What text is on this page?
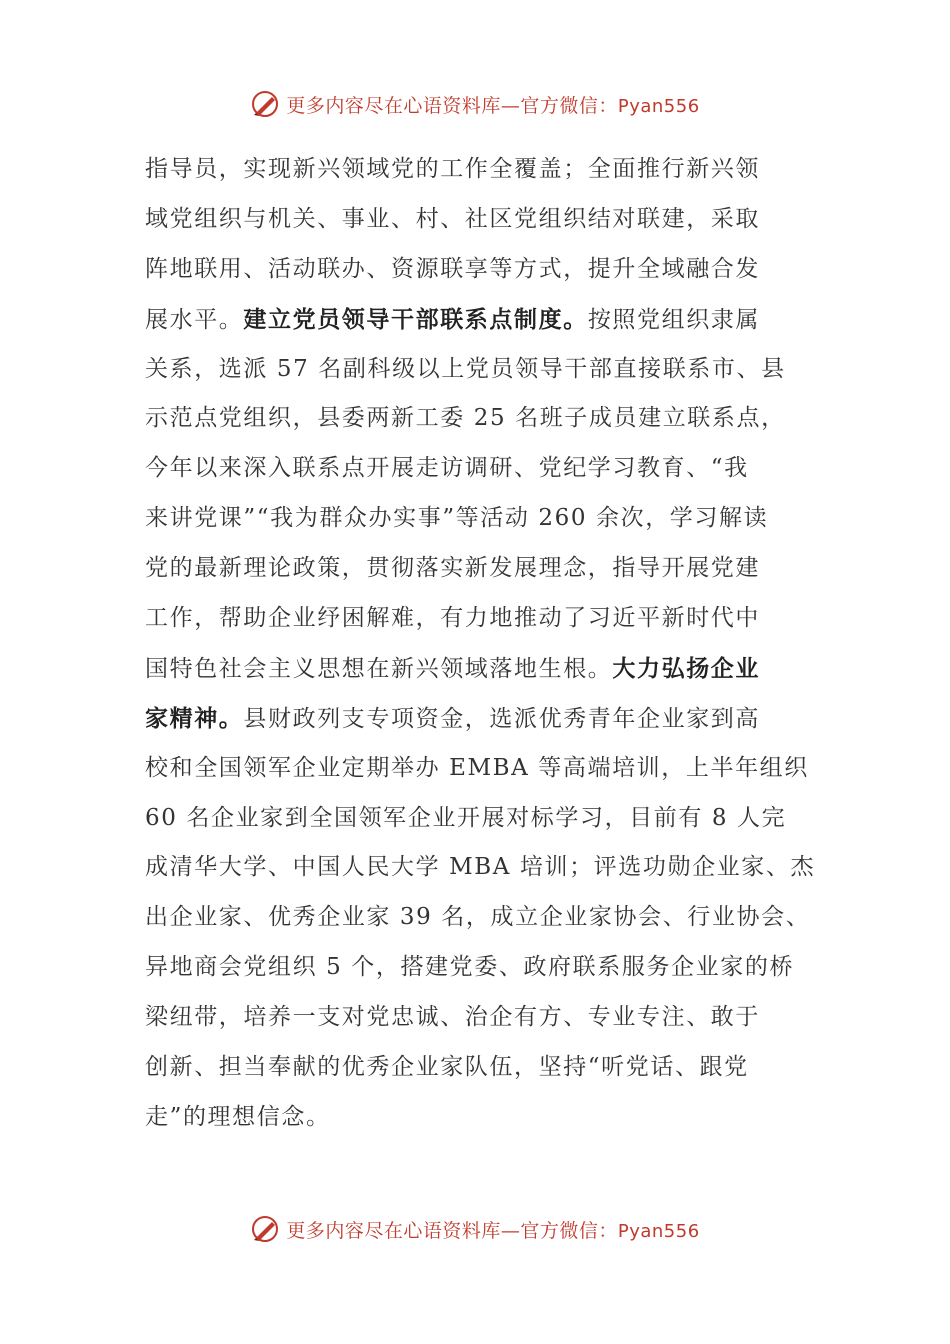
更多内容尽在心语资料库—官方微信：Pyan556
指导员，实现新兴领域党的工作全覆盖；全面推行新兴领
域党组织与机关、事业、村、社区党组织结对联建，采取
阵地联用、活动联办、资源联享等方式，提升全域融合发
展水平。建立党员领导干部联系点制度。按照党组织隶属
关系，选派 57 名副科级以上党员领导干部直接联系市、县
示范点党组织，县委两新工委 25 名班子成员建立联系点，
今年以来深入联系点开展走访调研、党纪学习教育、“我
来讲党课”“我为群众办实事”等活动 260 余次，学习解读
党的最新理论政策，贯彻落实新发展理念，指导开展党建
工作，帮助企业纾困解难，有力地推动了习近平新时代中
国特色社会主义思想在新兴领域落地生根。大力弘扬企业
家精神。县财政列支专项资金，选派优秀青年企业家到高
校和全国领军企业定期举办 EMBA 等高端培训，上半年组织
60 名企业家到全国领军企业开展对标学习，目前有 8 人完
成清华大学、中国人民大学 MBA 培训；评选功勋企业家、杰
出企业家、优秀企业家 39 名，成立企业家协会、行业协会、
异地商会党组织 5 个，搭建党委、政府联系服务企业家的桥
梁纽带，培养一支对党忠诚、治企有方、专业专注、敢于
创新、担当奉献的优秀企业家队伍，坚持“听党话、跟党
走”的理想信念。
更多内容尽在心语资料库—官方微信：Pyan556
